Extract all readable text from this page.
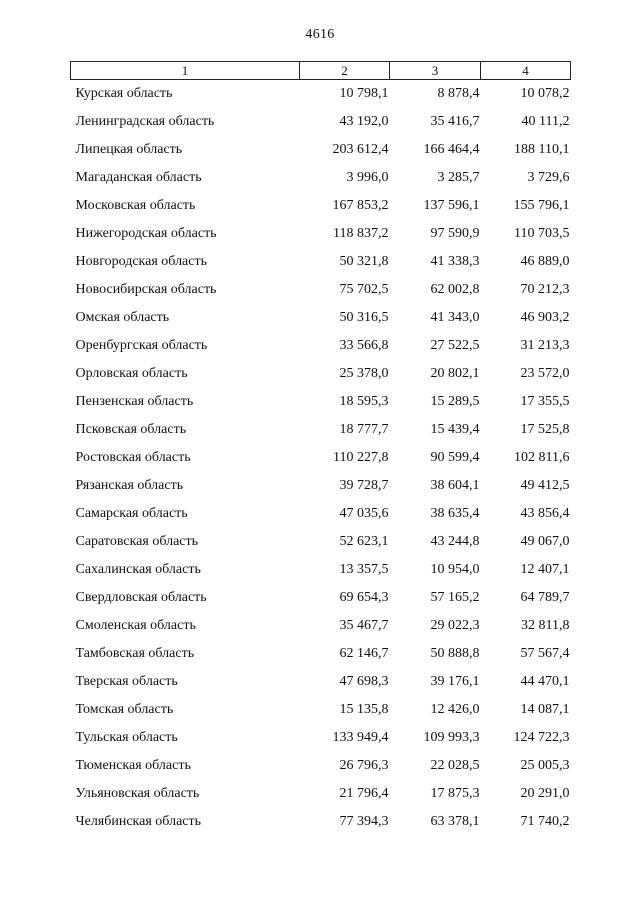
4616
1	2	3	4
Курская область	10 798,1	8 878,4	10 078,2
Ленинградская область	43 192,0	35 416,7	40 111,2
Липецкая область	203 612,4	166 464,4	188 110,1
Магаданская область	3 996,0	3 285,7	3 729,6
Московская область	167 853,2	137 596,1	155 796,1
Нижегородская область	118 837,2	97 590,9	110 703,5
Новгородская область	50 321,8	41 338,3	46 889,0
Новосибирская область	75 702,5	62 002,8	70 212,3
Омская область	50 316,5	41 343,0	46 903,2
Оренбургская область	33 566,8	27 522,5	31 213,3
Орловская область	25 378,0	20 802,1	23 572,0
Пензенская область	18 595,3	15 289,5	17 355,5
Псковская область	18 777,7	15 439,4	17 525,8
Ростовская область	110 227,8	90 599,4	102 811,6
Рязанская область	39 728,7	38 604,1	49 412,5
Самарская область	47 035,6	38 635,4	43 856,4
Саратовская область	52 623,1	43 244,8	49 067,0
Сахалинская область	13 357,5	10 954,0	12 407,1
Свердловская область	69 654,3	57 165,2	64 789,7
Смоленская область	35 467,7	29 022,3	32 811,8
Тамбовская область	62 146,7	50 888,8	57 567,4
Тверская область	47 698,3	39 176,1	44 470,1
Томская область	15 135,8	12 426,0	14 087,1
Тульская область	133 949,4	109 993,3	124 722,3
Тюменская область	26 796,3	22 028,5	25 005,3
Ульяновская область	21 796,4	17 875,3	20 291,0
Челябинская область	77 394,3	63 378,1	71 740,2
